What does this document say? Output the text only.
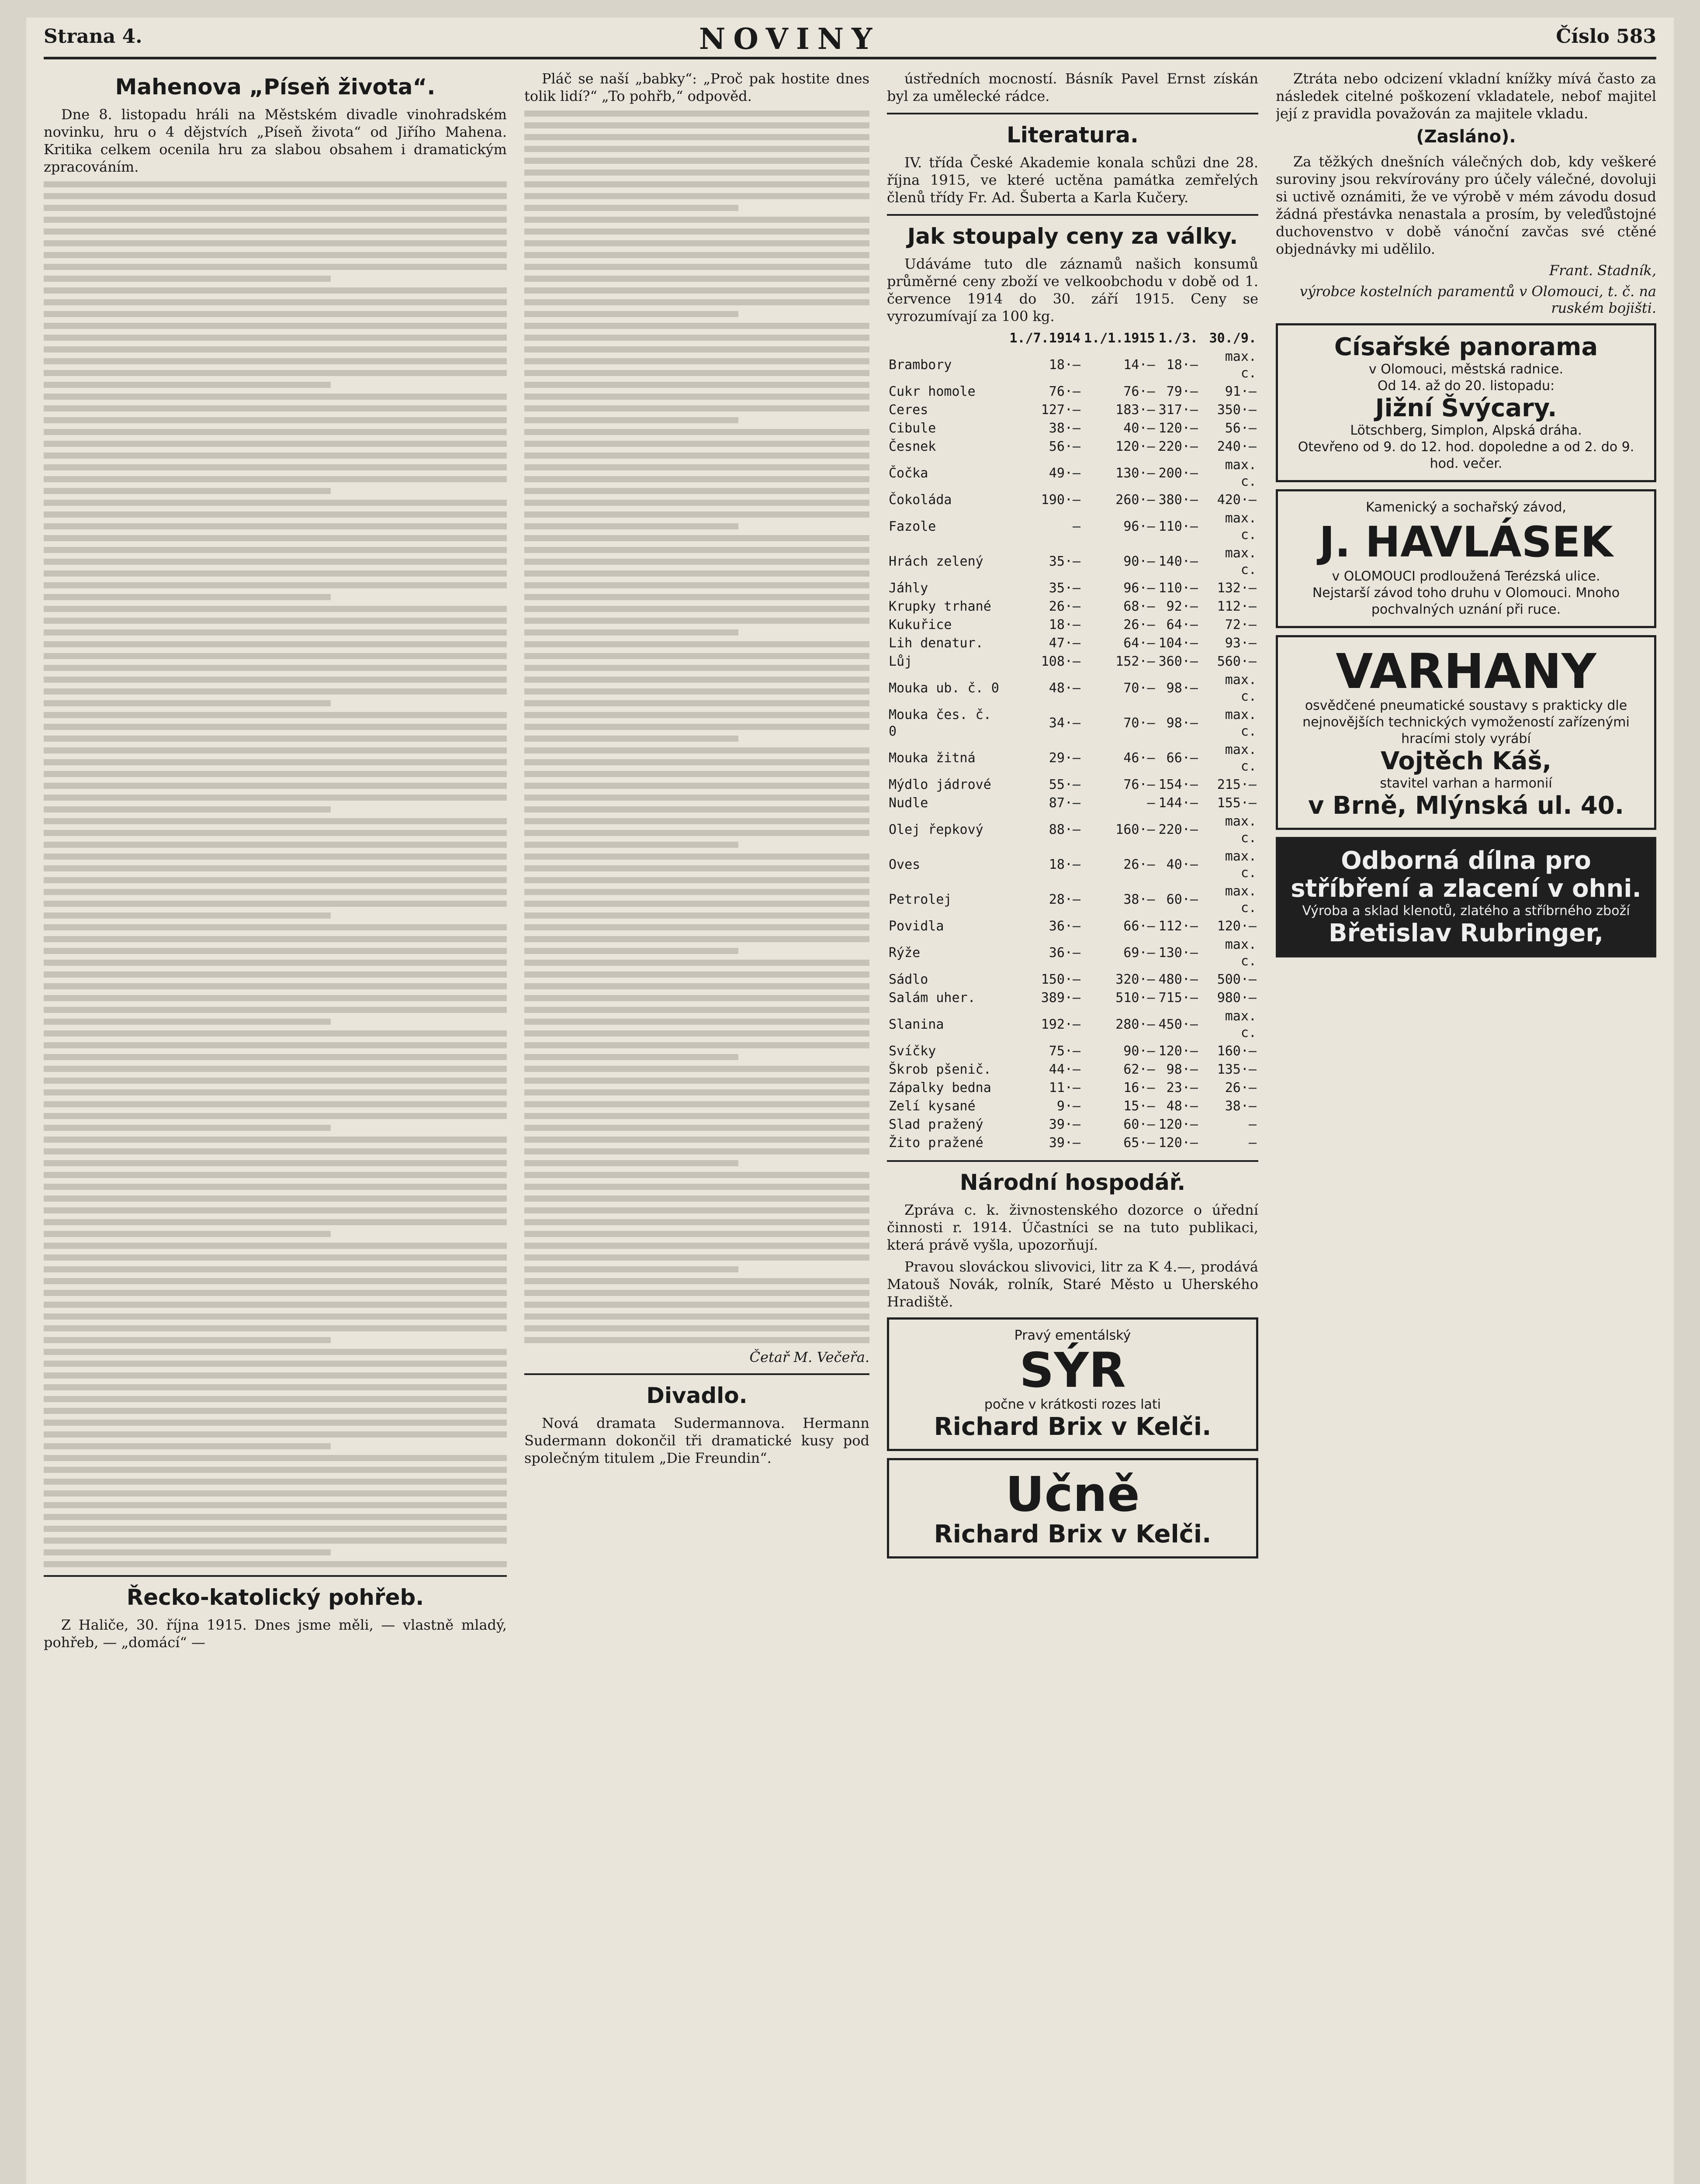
Strana 4.	NOVINY	Číslo 583
Mahenova „Píseň života“.

Dne 8. listopadu hráli na Městském divadle vinohradském novinku, hru o 4 dějstvích „Píseň života“ od Jiřího Mahena. Kritika celkem ocenila hru za slabou obsahem i dramatickým zpracováním.

Řecko-katolický pohřeb.

Z Haliče, 30. října 1915. Dnes jsme měli, — vlastně mladý, pohřeb, — „domácí“ —

Pláč se naší „babky“: „Proč pak hostite dnes tolik lidí?“ „To pohřb,“ odpověd.

Četař M. Večeřa.
Divadlo.

Nová dramata Sudermannova. Hermann Sudermann dokončil tři dramatické kusy pod společným titulem „Die Freundin“.

ústředních mocností. Básník Pavel Ernst získán byl za umělecké rádce.

Literatura.

IV. třída České Akademie konala schůzi dne 28. října 1915, ve které uctěna památka zemřelých členů třídy Fr. Ad. Šuberta a Karla Kučery.

Jak stoupaly ceny za války.

Udáváme tuto dle záznamů našich konsumů průměrné ceny zboží ve velkoobchodu v době od 1. července 1914 do 30. září 1915. Ceny se vyrozumívají za 100 kg.

	1./7.1914	1./1.1915	1./3.	30./9.
Brambory	18·—	14·—	18·—	max. c.
Cukr homole	76·—	76·—	79·—	91·—
Ceres	127·—	183·—	317·—	350·—
Cibule	38·—	40·—	120·—	56·—
Česnek	56·—	120·—	220·—	240·—
Čočka	49·—	130·—	200·—	max. c.
Čokoláda	190·—	260·—	380·—	420·—
Fazole	—	96·—	110·—	max. c.
Hrách zelený	35·—	90·—	140·—	max. c.
Jáhly	35·—	96·—	110·—	132·—
Krupky trhané	26·—	68·—	92·—	112·—
Kukuřice	18·—	26·—	64·—	72·—
Lih denatur.	47·—	64·—	104·—	93·—
Lůj	108·—	152·—	360·—	560·—
Mouka ub. č. 0	48·—	70·—	98·—	max. c.
Mouka čes. č. 0	34·—	70·—	98·—	max. c.
Mouka žitná	29·—	46·—	66·—	max. c.
Mýdlo jádrové	55·—	76·—	154·—	215·—
Nudle	87·—	—	144·—	155·—
Olej řepkový	88·—	160·—	220·—	max. c.
Oves	18·—	26·—	40·—	max. c.
Petrolej	28·—	38·—	60·—	max. c.
Povidla	36·—	66·—	112·—	120·—
Rýže	36·—	69·—	130·—	max. c.
Sádlo	150·—	320·—	480·—	500·—
Salám uher.	389·—	510·—	715·—	980·—
Slanina	192·—	280·—	450·—	max. c.
Svíčky	75·—	90·—	120·—	160·—
Škrob pšenič.	44·—	62·—	98·—	135·—
Zápalky bedna	11·—	16·—	23·—	26·—
Zelí kysané	9·—	15·—	48·—	38·—
Slad pražený	39·—	60·—	120·—	—
Žito pražené	39·—	65·—	120·—	—
Národní hospodář.

Zpráva c. k. živnostenského dozorce o úřední činnosti r. 1914. Účastníci se na tuto publikaci, která právě vyšla, upozorňují.

Pravou slováckou slivovici, litr za K 4.—, prodává Matouš Novák, rolník, Staré Město u Uherského Hradiště.

Pravý ementálský
SÝR
počne v krátkosti rozes lati
Richard Brix v Kelči.
Učně
Richard Brix v Kelči.

Ztráta nebo odcizení vkladní knížky mívá často za následek citelné poškození vkladatele, nebof majitel její z pravidla považován za majitele vkladu.

(Zasláno).

Za těžkých dnešních válečných dob, kdy veškeré suroviny jsou rekvírovány pro účely válečné, dovoluji si uctivě oznámiti, že ve výrobě v mém závodu dosud žádná přestávka nenastala a prosím, by veleďůstojné duchovenstvo v době vánoční zavčas své ctěné objednávky mi udělilo.

Frant. Stadník,
výrobce kostelních paramentů v Olomouci, t. č. na ruském bojišti.
Císařské panorama
v Olomouci, městská radnice.
Od 14. až do 20. listopadu:
Jižní Švýcary.
Lötschberg, Simplon, Alpská dráha.
Otevřeno od 9. do 12. hod. dopoledne a od 2. do 9. hod. večer.
Kamenický a sochařský závod,
J. HAVLÁSEK
v OLOMOUCI prodloužená Terézská ulice.
Nejstarší závod toho druhu v Olomouci. Mnoho pochvalných uznání při ruce.
VARHANY
osvědčené pneumatické soustavy s prakticky dle nejnovějších technických vymožeností zařízenými hracími stoly vyrábí
Vojtěch Káš,
stavitel varhan a harmonií
v Brně, Mlýnská ul. 40.
Odborná dílna pro stříbření a zlacení v ohni.
Výroba a sklad klenotů, zlatého a stříbrného zboží
Břetislav Rubringer,
